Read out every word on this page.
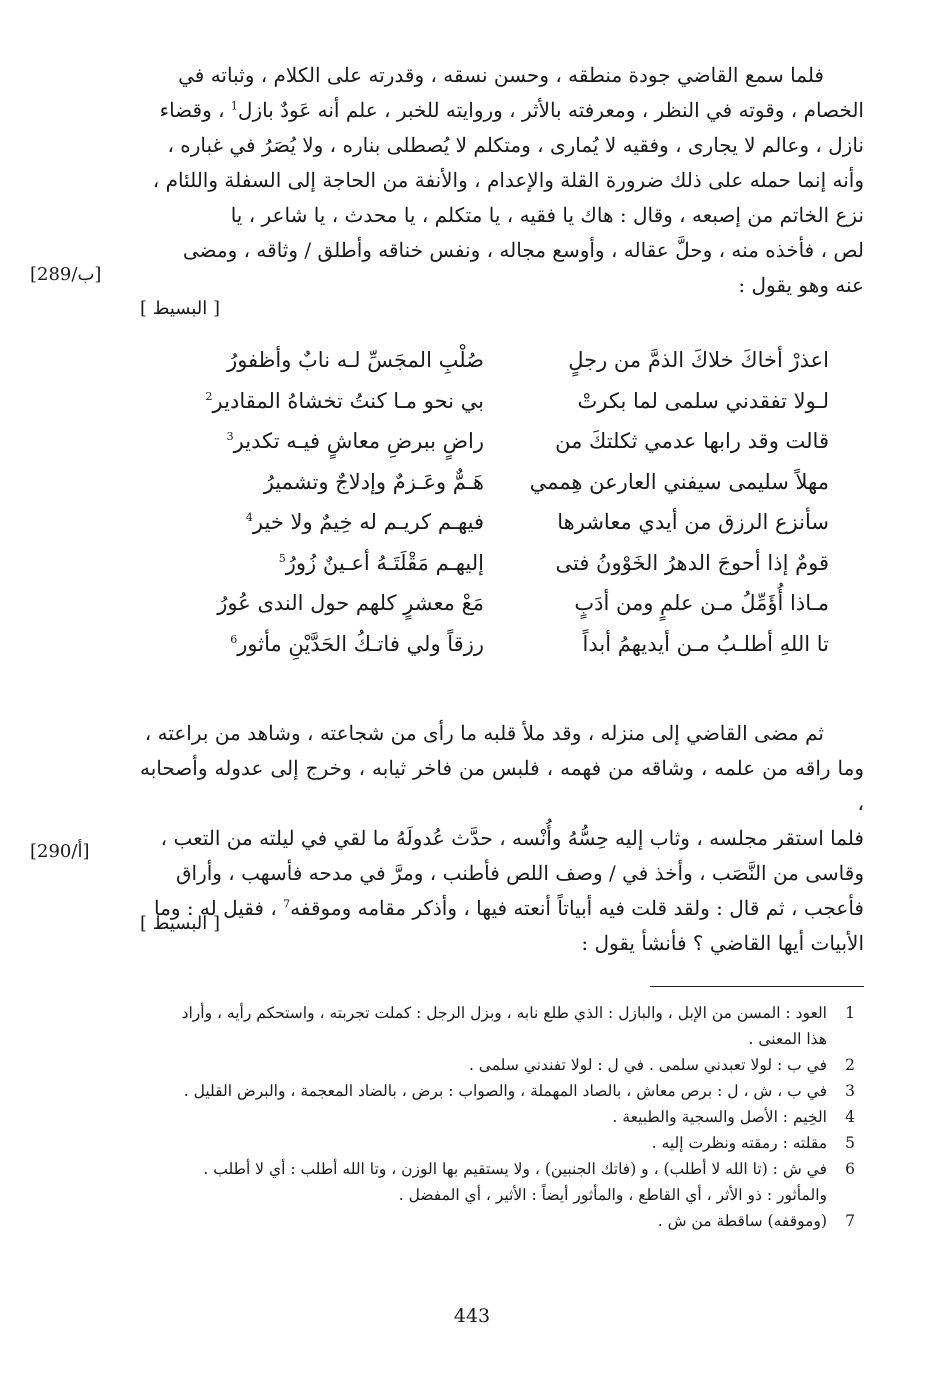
فلما سمع القاضي جودة منطقه ، وحسن نسقه ، وقدرته على الكلام ، وثباته في

الخصام ، وقوته في النظر ، ومعرفته بالأثر ، وروايته للخبر ، علم أنه عَودٌ بازل$^1$ ، وقضاء

نازل ، وعالم لا يجارى ، وفقيه لا يُمارى ، ومتكلم لا يُصطلى بناره ، ولا يُصَرُ في غباره ،

وأنه إنما حمله على ذلك ضرورة القلة والإعدام ، والأنفة من الحاجة إلى السفلة واللئام ،

نزع الخاتم من إصبعه ، وقال : هاك يا فقيه ، يا متكلم ، يا محدث ، يا شاعر ، يا

لص ، فأخذه منه ، وحلَّ عقاله ، وأوسع مجاله ، ونفس خناقه وأطلق / وثاقه ، ومضى

عنه وهو يقول :

[289/ب]
[ البسيط ]
اعذرْ أخاكَ خلاكَ الذمَّ من رجلٍ
صُلْبِ المجَسِّ لـه نابٌ وأظفورُ
لـولا تفقدني سلمى لما بكرتْ
بي نحو مـا كنتُ تخشاهُ المقادير$^2$
قالت وقد رابها عدمي ثكلتكَ من
راضٍ ببرضِ معاشٍ فيـه تكدير$^3$
مهلاً سليمى سيفني العارعن هِممي
هَـمٌّ وعَـزمٌ وإدلاجٌ وتشميرُ
سأنزع الرزق من أيدي معاشرها
فيهـم كريـم له خِيمٌ ولا خير$^4$
قومٌ إذا أحوجَ الدهرُ الخَوْونُ فتى
إليهـم مَقْلَتَـهُ أعـينٌ زُورُ$^5$
مـاذا أُؤَمِّلُ مـن علمٍ ومن أدَبٍ
مَعْ معشرٍ كلهم حول الندى عُورُ
تا اللهِ أطلـبُ مـن أيديهمُ أبداً
رزقاً ولي فاتـكُ الحَدَّيْنِ مأثور$^6$

ثم مضى القاضي إلى منزله ، وقد ملأ قلبه ما رأى من شجاعته ، وشاهد من براعته ،

وما راقه من علمه ، وشاقه من فهمه ، فلبس من فاخر ثيابه ، وخرج إلى عدوله وأصحابه ،

فلما استقر مجلسه ، وثاب إليه حِسُّهُ وأُنْسه ، حدَّث عُدولَهُ ما لقي في ليلته من التعب ،

وقاسى من النَّصَب ، وأخذ في / وصف اللص فأطنب ، ومرَّ في مدحه فأسهب ، وأراق

فأعجب ، ثم قال : ولقد قلت فيه أبياتاً أنعته فيها ، وأذكر مقامه وموقفه$^7$ ، فقيل له : وما

الأبيات أيها القاضي ؟ فأنشأ يقول :

[290/أ]
[ البسيط ]
1
العود : المسن من الإبل ، والبازل : الذي طلع نابه ، وبزل الرجل : كملت تجربته ، واستحكم رأيه ، وأراد
هذا المعنى .
2
في ب : لولا تعبدني سلمى . في ل : لولا تفندني سلمى .
3
في ب ، ش ، ل : برص معاش ، بالصاد المهملة ، والصواب : برض ، بالضاد المعجمة ، والبرض القليل .
4
الخِيم : الأصل والسجية والطبيعة .
5
مقلته : رمقته ونظرت إليه .
6
في ش : (تا الله لا أطلب) ، و (فاتك الجنبين) ، ولا يستقيم بها الوزن ، وتا الله أطلب : أي لا أطلب .
والمأثور : ذو الأثر ، أي القاطع ، والمأثور أيضاً : الأثير ، أي المفضل .
7
(وموقفه) ساقطة من ش .
443
